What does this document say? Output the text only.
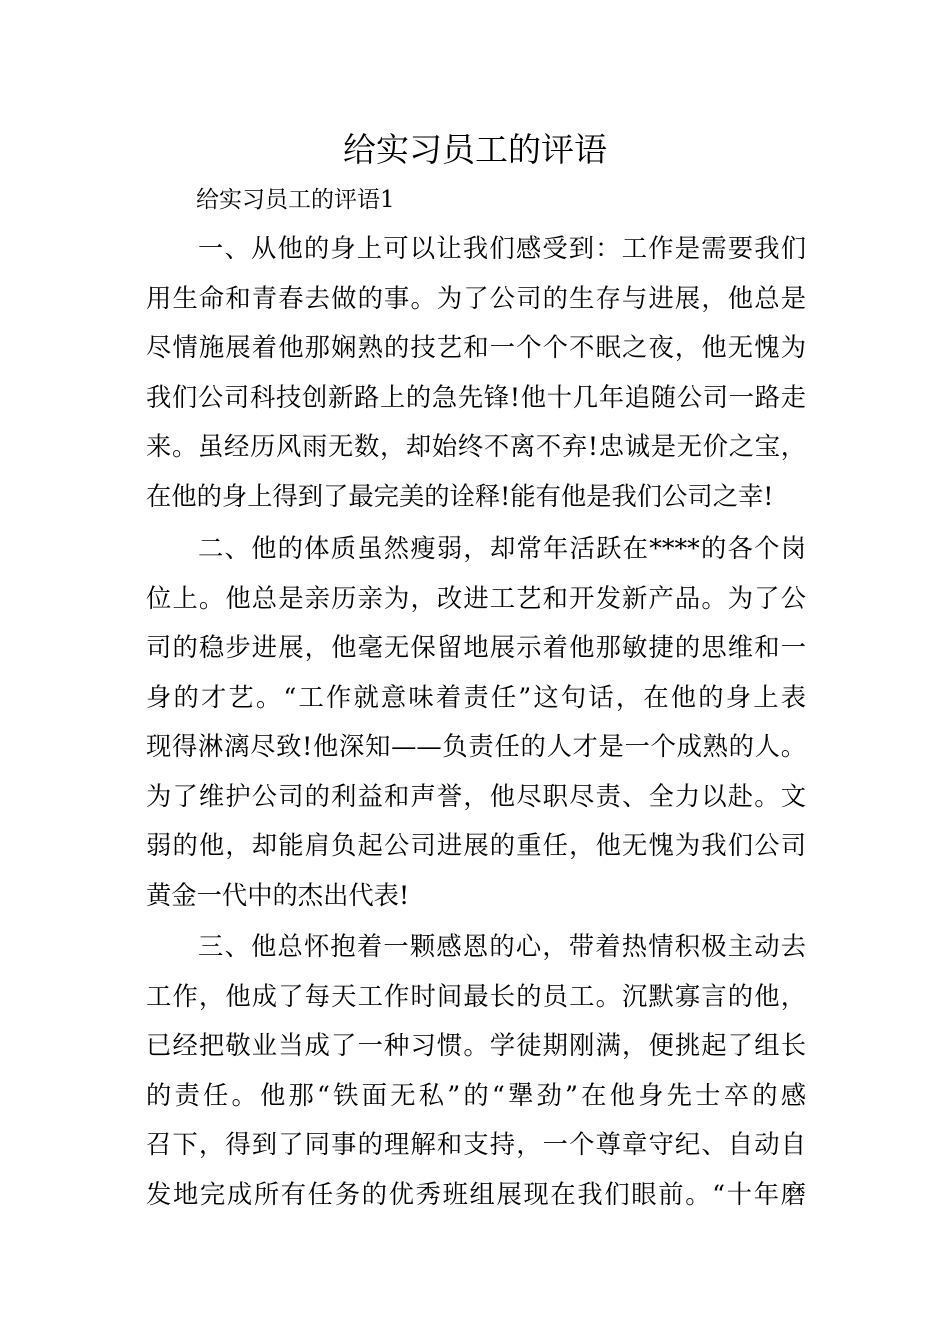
给实习员工的评语
给实习员工的评语1
一、从他的身上可以让我们感受到：工作是需要我们
用生命和青春去做的事。为了公司的生存与进展，他总是
尽情施展着他那娴熟的技艺和一个个不眠之夜，他无愧为
我们公司科技创新路上的急先锋!他十几年追随公司一路走
来。虽经历风雨无数，却始终不离不弃!忠诚是无价之宝，
在他的身上得到了最完美的诠释!能有他是我们公司之幸!
二、他的体质虽然瘦弱，却常年活跃在****的各个岗
位上。他总是亲历亲为，改进工艺和开发新产品。为了公
司的稳步进展，他毫无保留地展示着他那敏捷的思维和一
身的才艺。“工作就意味着责任”这句话，在他的身上表
现得淋漓尽致!他深知——负责任的人才是一个成熟的人。
为了维护公司的利益和声誉，他尽职尽责、全力以赴。文
弱的他，却能肩负起公司进展的重任，他无愧为我们公司
黄金一代中的杰出代表!
三、他总怀抱着一颗感恩的心，带着热情积极主动去
工作，他成了每天工作时间最长的员工。沉默寡言的他，
已经把敬业当成了一种习惯。学徒期刚满，便挑起了组长
的责任。他那“铁面无私”的“犟劲”在他身先士卒的感
召下，得到了同事的理解和支持，一个尊章守纪、自动自
发地完成所有任务的优秀班组展现在我们眼前。“十年磨
